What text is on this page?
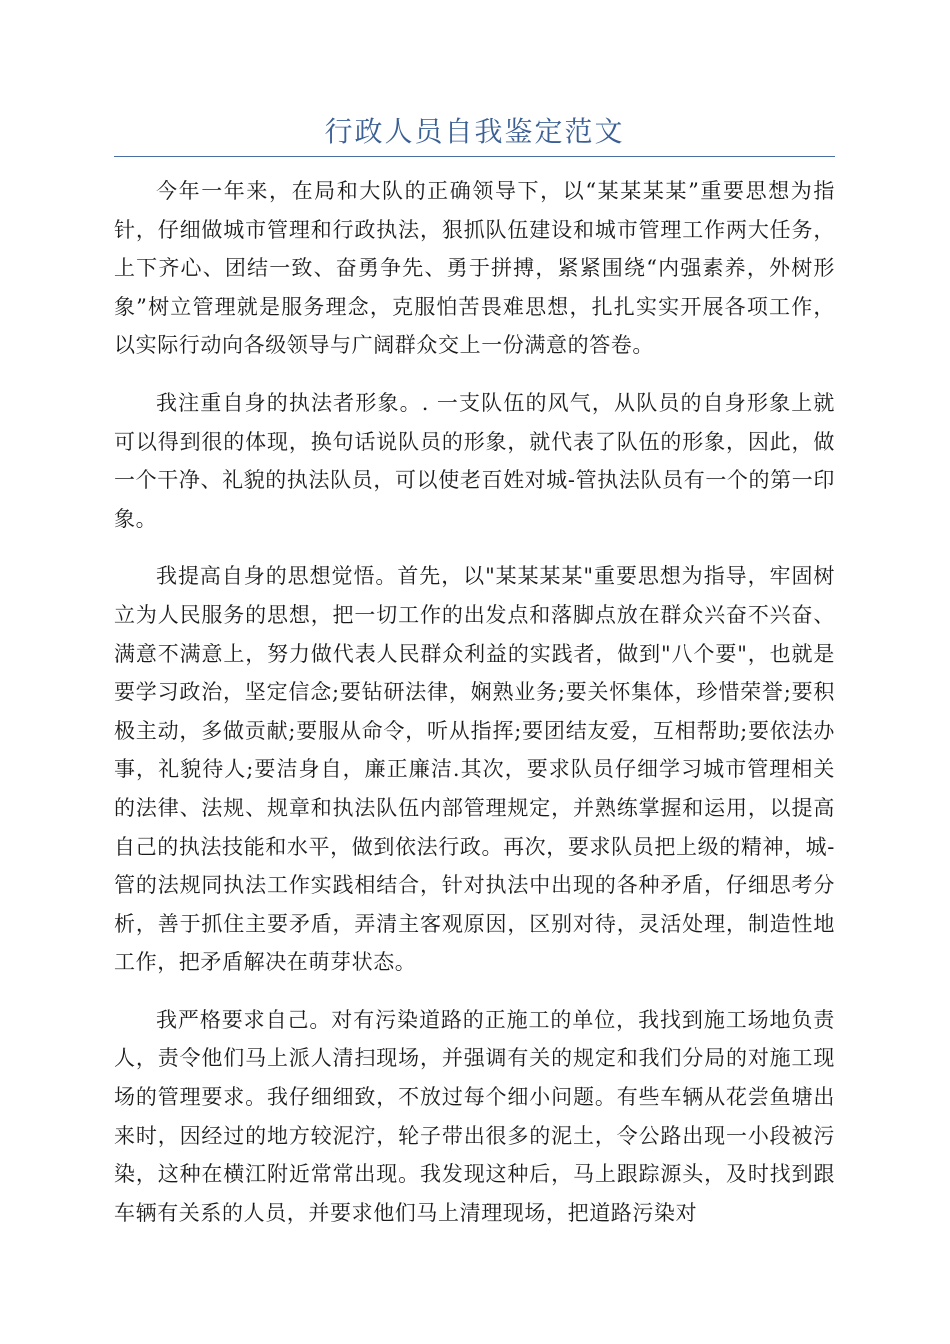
行政人员自我鉴定范文

今年一年来，在局和大队的正确领导下，以“某某某某”重要思想为指针，仔细做城市管理和行政执法，狠抓队伍建设和城市管理工作两大任务，上下齐心、团结一致、奋勇争先、勇于拼搏，紧紧围绕“内强素养，外树形象”树立管理就是服务理念，克服怕苦畏难思想，扎扎实实开展各项工作，以实际行动向各级领导与广阔群众交上一份满意的答卷。

我注重自身的执法者形象。. 一支队伍的风气，从队员的自身形象上就可以得到很的体现，换句话说队员的形象，就代表了队伍的形象，因此，做一个干净、礼貌的执法队员，可以使老百姓对城-管执法队员有一个的第一印象。

我提高自身的思想觉悟。首先，以"某某某某"重要思想为指导，牢固树立为人民服务的思想，把一切工作的出发点和落脚点放在群众兴奋不兴奋、满意不满意上，努力做代表人民群众利益的实践者，做到"八个要"，也就是要学习政治，坚定信念;要钻研法律，娴熟业务;要关怀集体，珍惜荣誉;要积极主动，多做贡献;要服从命令，听从指挥;要团结友爱，互相帮助;要依法办事，礼貌待人;要洁身自，廉正廉洁.其次，要求队员仔细学习城市管理相关的法律、法规、规章和执法队伍内部管理规定，并熟练掌握和运用，以提高自己的执法技能和水平，做到依法行政。再次，要求队员把上级的精神，城-管的法规同执法工作实践相结合，针对执法中出现的各种矛盾，仔细思考分析，善于抓住主要矛盾，弄清主客观原因，区别对待，灵活处理，制造性地工作，把矛盾解决在萌芽状态。

我严格要求自己。对有污染道路的正施工的单位，我找到施工场地负责人，责令他们马上派人清扫现场，并强调有关的规定和我们分局的对施工现场的管理要求。我仔细细致，不放过每个细小问题。有些车辆从花尝鱼塘出来时，因经过的地方较泥泞，轮子带出很多的泥土，令公路出现一小段被污染，这种在横江附近常常出现。我发现这种后，马上跟踪源头，及时找到跟车辆有关系的人员，并要求他们马上清理现场，把道路污染对
